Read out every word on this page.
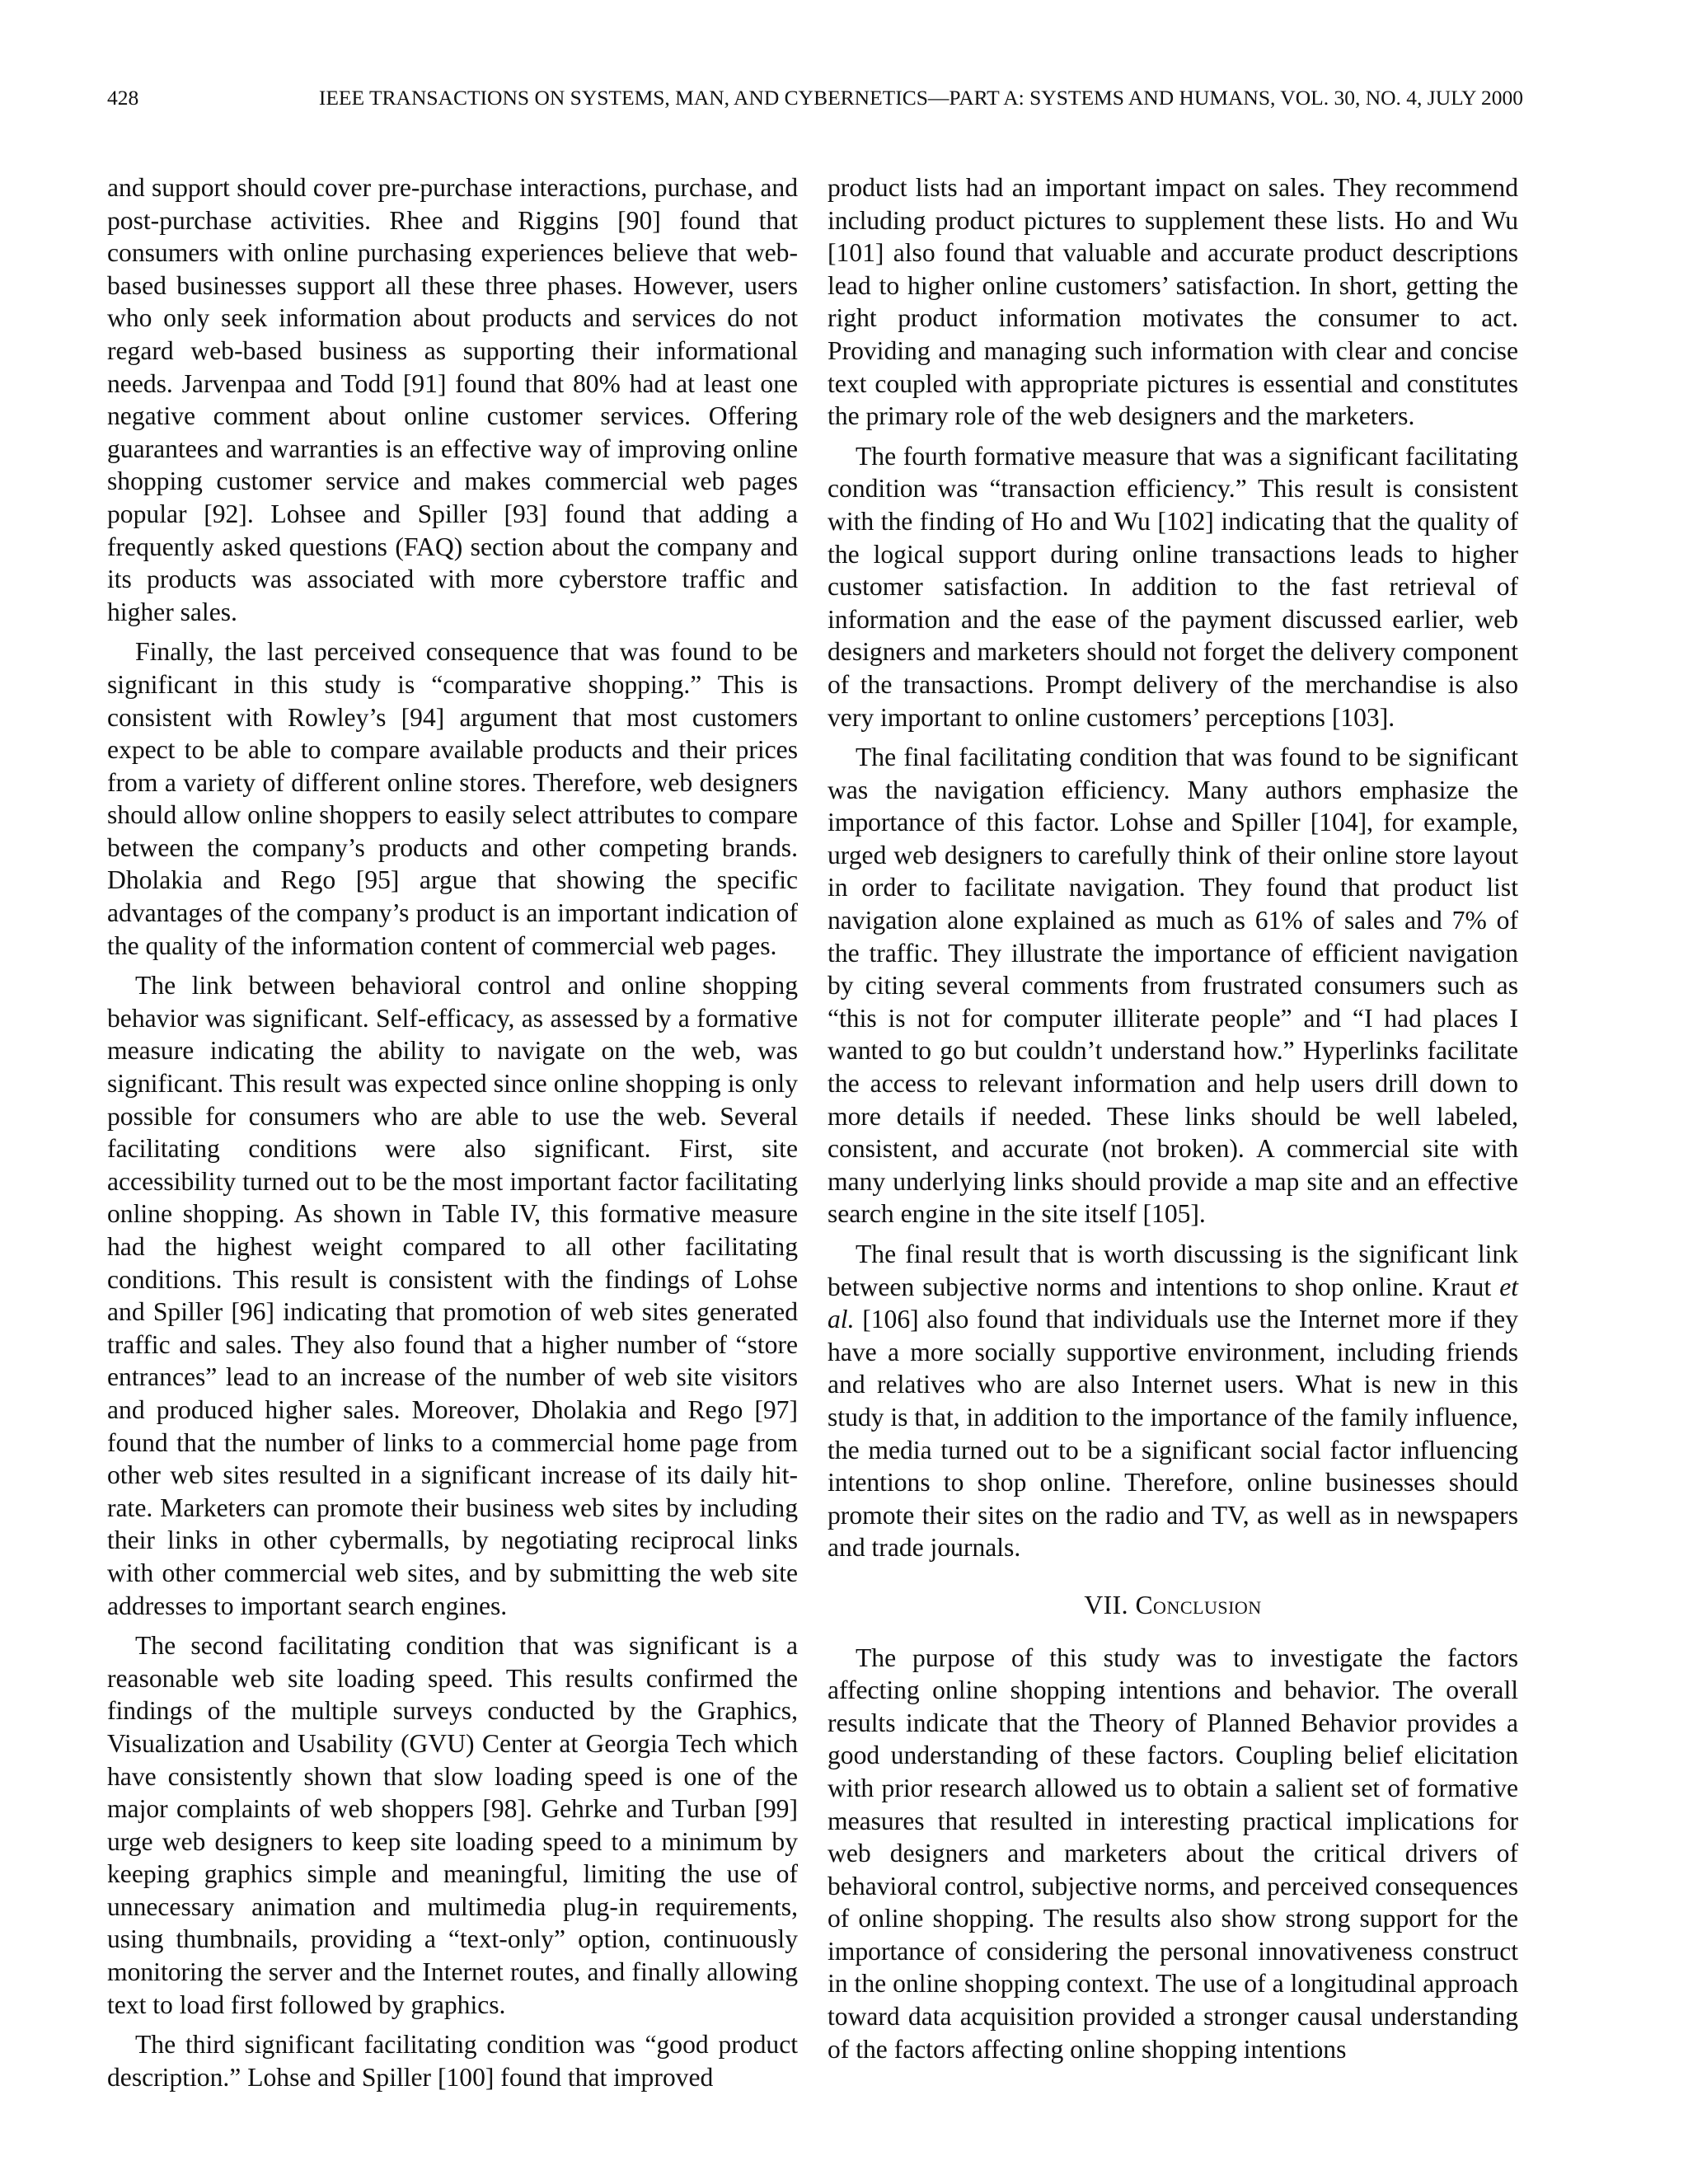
428	IEEE TRANSACTIONS ON SYSTEMS, MAN, AND CYBERNETICS—PART A: SYSTEMS AND HUMANS, VOL. 30, NO. 4, JULY 2000

and support should cover pre-purchase interactions, purchase, and post-purchase activities. Rhee and Riggins [90] found that consumers with online purchasing experiences believe that web-based businesses support all these three phases. However, users who only seek information about products and services do not regard web-based business as supporting their informational needs. Jarvenpaa and Todd [91] found that 80% had at least one negative comment about online customer services. Offering guarantees and warranties is an effective way of improving online shopping customer service and makes commercial web pages popular [92]. Lohsee and Spiller [93] found that adding a frequently asked questions (FAQ) section about the company and its products was associated with more cyberstore traffic and higher sales.

Finally, the last perceived consequence that was found to be significant in this study is “comparative shopping.” This is consistent with Rowley’s [94] argument that most customers expect to be able to compare available products and their prices from a variety of different online stores. Therefore, web designers should allow online shoppers to easily select attributes to compare between the company’s products and other competing brands. Dholakia and Rego [95] argue that showing the specific advantages of the company’s product is an important indication of the quality of the information content of commercial web pages.

The link between behavioral control and online shopping behavior was significant. Self-efficacy, as assessed by a formative measure indicating the ability to navigate on the web, was significant. This result was expected since online shopping is only possible for consumers who are able to use the web. Several facilitating conditions were also significant. First, site accessibility turned out to be the most important factor facilitating online shopping. As shown in Table IV, this formative measure had the highest weight compared to all other facilitating conditions. This result is consistent with the findings of Lohse and Spiller [96] indicating that promotion of web sites generated traffic and sales. They also found that a higher number of “store entrances” lead to an increase of the number of web site visitors and produced higher sales. Moreover, Dholakia and Rego [97] found that the number of links to a commercial home page from other web sites resulted in a significant increase of its daily hit-rate. Marketers can promote their business web sites by including their links in other cybermalls, by negotiating reciprocal links with other commercial web sites, and by submitting the web site addresses to important search engines.

The second facilitating condition that was significant is a reasonable web site loading speed. This results confirmed the findings of the multiple surveys conducted by the Graphics, Visualization and Usability (GVU) Center at Georgia Tech which have consistently shown that slow loading speed is one of the major complaints of web shoppers [98]. Gehrke and Turban [99] urge web designers to keep site loading speed to a minimum by keeping graphics simple and meaningful, limiting the use of unnecessary animation and multimedia plug-in requirements, using thumbnails, providing a “text-only” option, continuously monitoring the server and the Internet routes, and finally allowing text to load first followed by graphics.

The third significant facilitating condition was “good product description.” Lohse and Spiller [100] found that improved

product lists had an important impact on sales. They recommend including product pictures to supplement these lists. Ho and Wu [101] also found that valuable and accurate product descriptions lead to higher online customers’ satisfaction. In short, getting the right product information motivates the consumer to act. Providing and managing such information with clear and concise text coupled with appropriate pictures is essential and constitutes the primary role of the web designers and the marketers.

The fourth formative measure that was a significant facilitating condition was “transaction efficiency.” This result is consistent with the finding of Ho and Wu [102] indicating that the quality of the logical support during online transactions leads to higher customer satisfaction. In addition to the fast retrieval of information and the ease of the payment discussed earlier, web designers and marketers should not forget the delivery component of the transactions. Prompt delivery of the merchandise is also very important to online customers’ perceptions [103].

The final facilitating condition that was found to be significant was the navigation efficiency. Many authors emphasize the importance of this factor. Lohse and Spiller [104], for example, urged web designers to carefully think of their online store layout in order to facilitate navigation. They found that product list navigation alone explained as much as 61% of sales and 7% of the traffic. They illustrate the importance of efficient navigation by citing several comments from frustrated consumers such as “this is not for computer illiterate people” and “I had places I wanted to go but couldn’t understand how.” Hyperlinks facilitate the access to relevant information and help users drill down to more details if needed. These links should be well labeled, consistent, and accurate (not broken). A commercial site with many underlying links should provide a map site and an effective search engine in the site itself [105].

The final result that is worth discussing is the significant link between subjective norms and intentions to shop online. Kraut et al. [106] also found that individuals use the Internet more if they have a more socially supportive environment, including friends and relatives who are also Internet users. What is new in this study is that, in addition to the importance of the family influence, the media turned out to be a significant social factor influencing intentions to shop online. Therefore, online businesses should promote their sites on the radio and TV, as well as in newspapers and trade journals.

VII. Conclusion

The purpose of this study was to investigate the factors affecting online shopping intentions and behavior. The overall results indicate that the Theory of Planned Behavior provides a good understanding of these factors. Coupling belief elicitation with prior research allowed us to obtain a salient set of formative measures that resulted in interesting practical implications for web designers and marketers about the critical drivers of behavioral control, subjective norms, and perceived consequences of online shopping. The results also show strong support for the importance of considering the personal innovativeness construct in the online shopping context. The use of a longitudinal approach toward data acquisition provided a stronger causal understanding of the factors affecting online shopping intentions
